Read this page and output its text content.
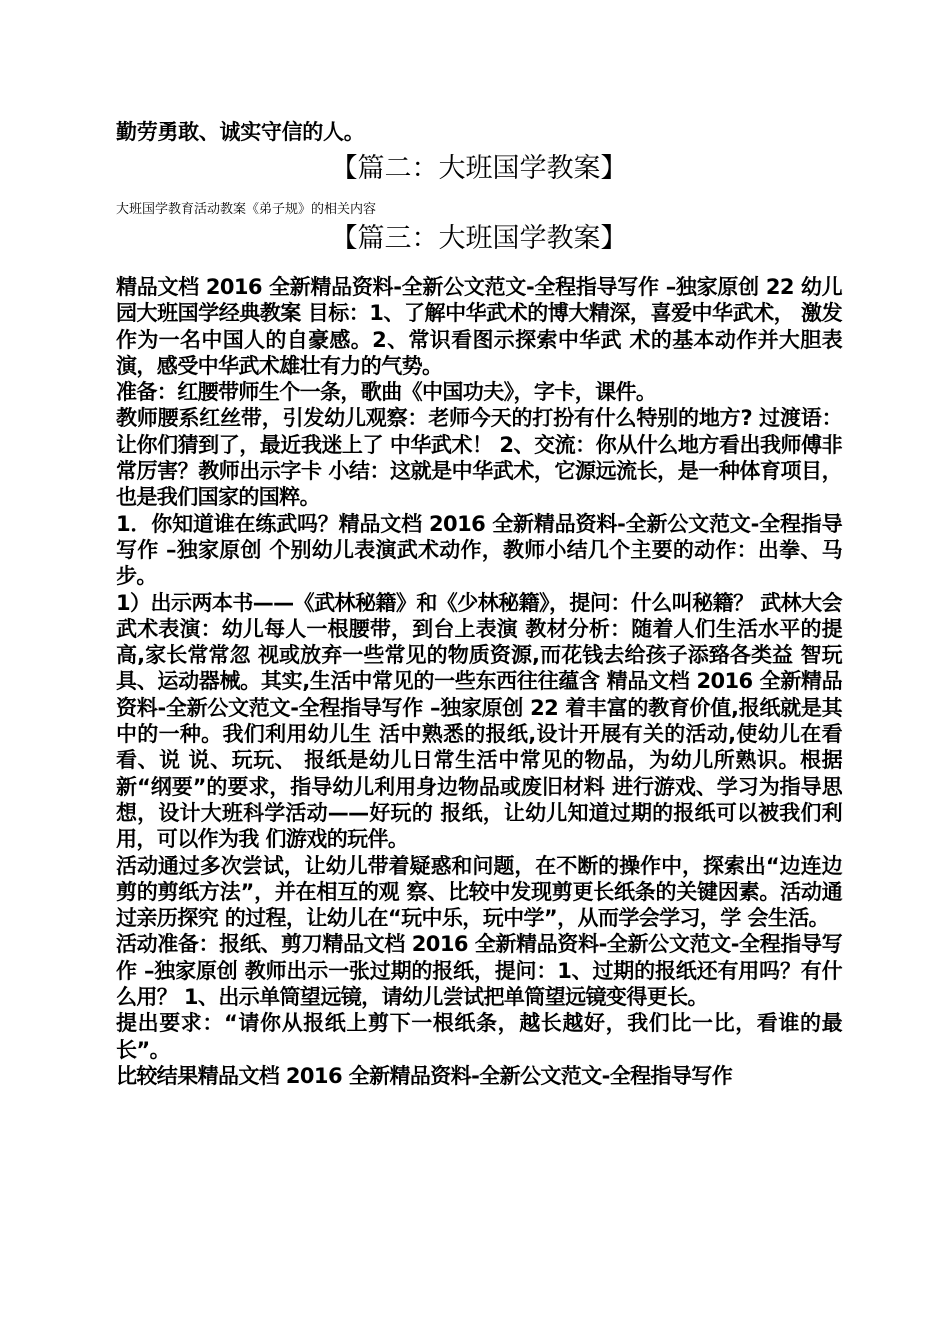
勤劳勇敢、诚实守信的人。

【篇二：大班国学教案】

大班国学教育活动教案《弟子规》的相关内容

【篇三：大班国学教案】

精品文档 2016 全新精品资料-全新公文范文-全程指导写作 –独家原创 22 幼儿园大班国学经典教案 目标：1、了解中华武术的博大精深，喜爱中华武术， 激发作为一名中国人的自豪感。2、常识看图示探索中华武 术的基本动作并大胆表演，感受中华武术雄壮有力的气势。

准备：红腰带师生个一条，歌曲《中国功夫》，字卡，课件。

教师腰系红丝带，引发幼儿观察：老师今天的打扮有什么特别的地方? 过渡语：让你们猜到了，最近我迷上了 中华武术！ 2、交流：你从什么地方看出我师傅非常厉害？教师出示字卡 小结：这就是中华武术，它源远流长，是一种体育项目，也是我们国家的国粹。

1．你知道谁在练武吗？精品文档 2016 全新精品资料-全新公文范文-全程指导写作 –独家原创 个别幼儿表演武术动作，教师小结几个主要的动作：出拳、马步。

1）出示两本书——《武林秘籍》和《少林秘籍》，提问：什么叫秘籍？ 武林大会武术表演：幼儿每人一根腰带，到台上表演 教材分析：随着人们生活水平的提高,家长常常忽 视或放弃一些常见的物质资源,而花钱去给孩子添臵各类益 智玩具、运动器械。其实,生活中常见的一些东西往往蕴含 精品文档 2016 全新精品资料-全新公文范文-全程指导写作 –独家原创 22 着丰富的教育价值,报纸就是其中的一种。我们利用幼儿生 活中熟悉的报纸,设计开展有关的活动,使幼儿在看看、说 说、玩玩、 报纸是幼儿日常生活中常见的物品，为幼儿所熟识。根据新“纲要”的要求，指导幼儿利用身边物品或废旧材料 进行游戏、学习为指导思想，设计大班科学活动——好玩的 报纸，让幼儿知道过期的报纸可以被我们利用，可以作为我 们游戏的玩伴。

活动通过多次尝试，让幼儿带着疑惑和问题，在不断的操作中，探索出“边连边剪的剪纸方法”，并在相互的观 察、比较中发现剪更长纸条的关键因素。活动通过亲历探究 的过程，让幼儿在“玩中乐，玩中学”，从而学会学习，学 会生活。

活动准备：报纸、剪刀精品文档 2016 全新精品资料-全新公文范文-全程指导写作 –独家原创 教师出示一张过期的报纸，提问：1、过期的报纸还有用吗？有什么用？ 1、出示单筒望远镜，请幼儿尝试把单筒望远镜变得更长。

提出要求：“请你从报纸上剪下一根纸条，越长越好，我们比一比，看谁的最长”。

比较结果精品文档 2016 全新精品资料-全新公文范文-全程指导写作
